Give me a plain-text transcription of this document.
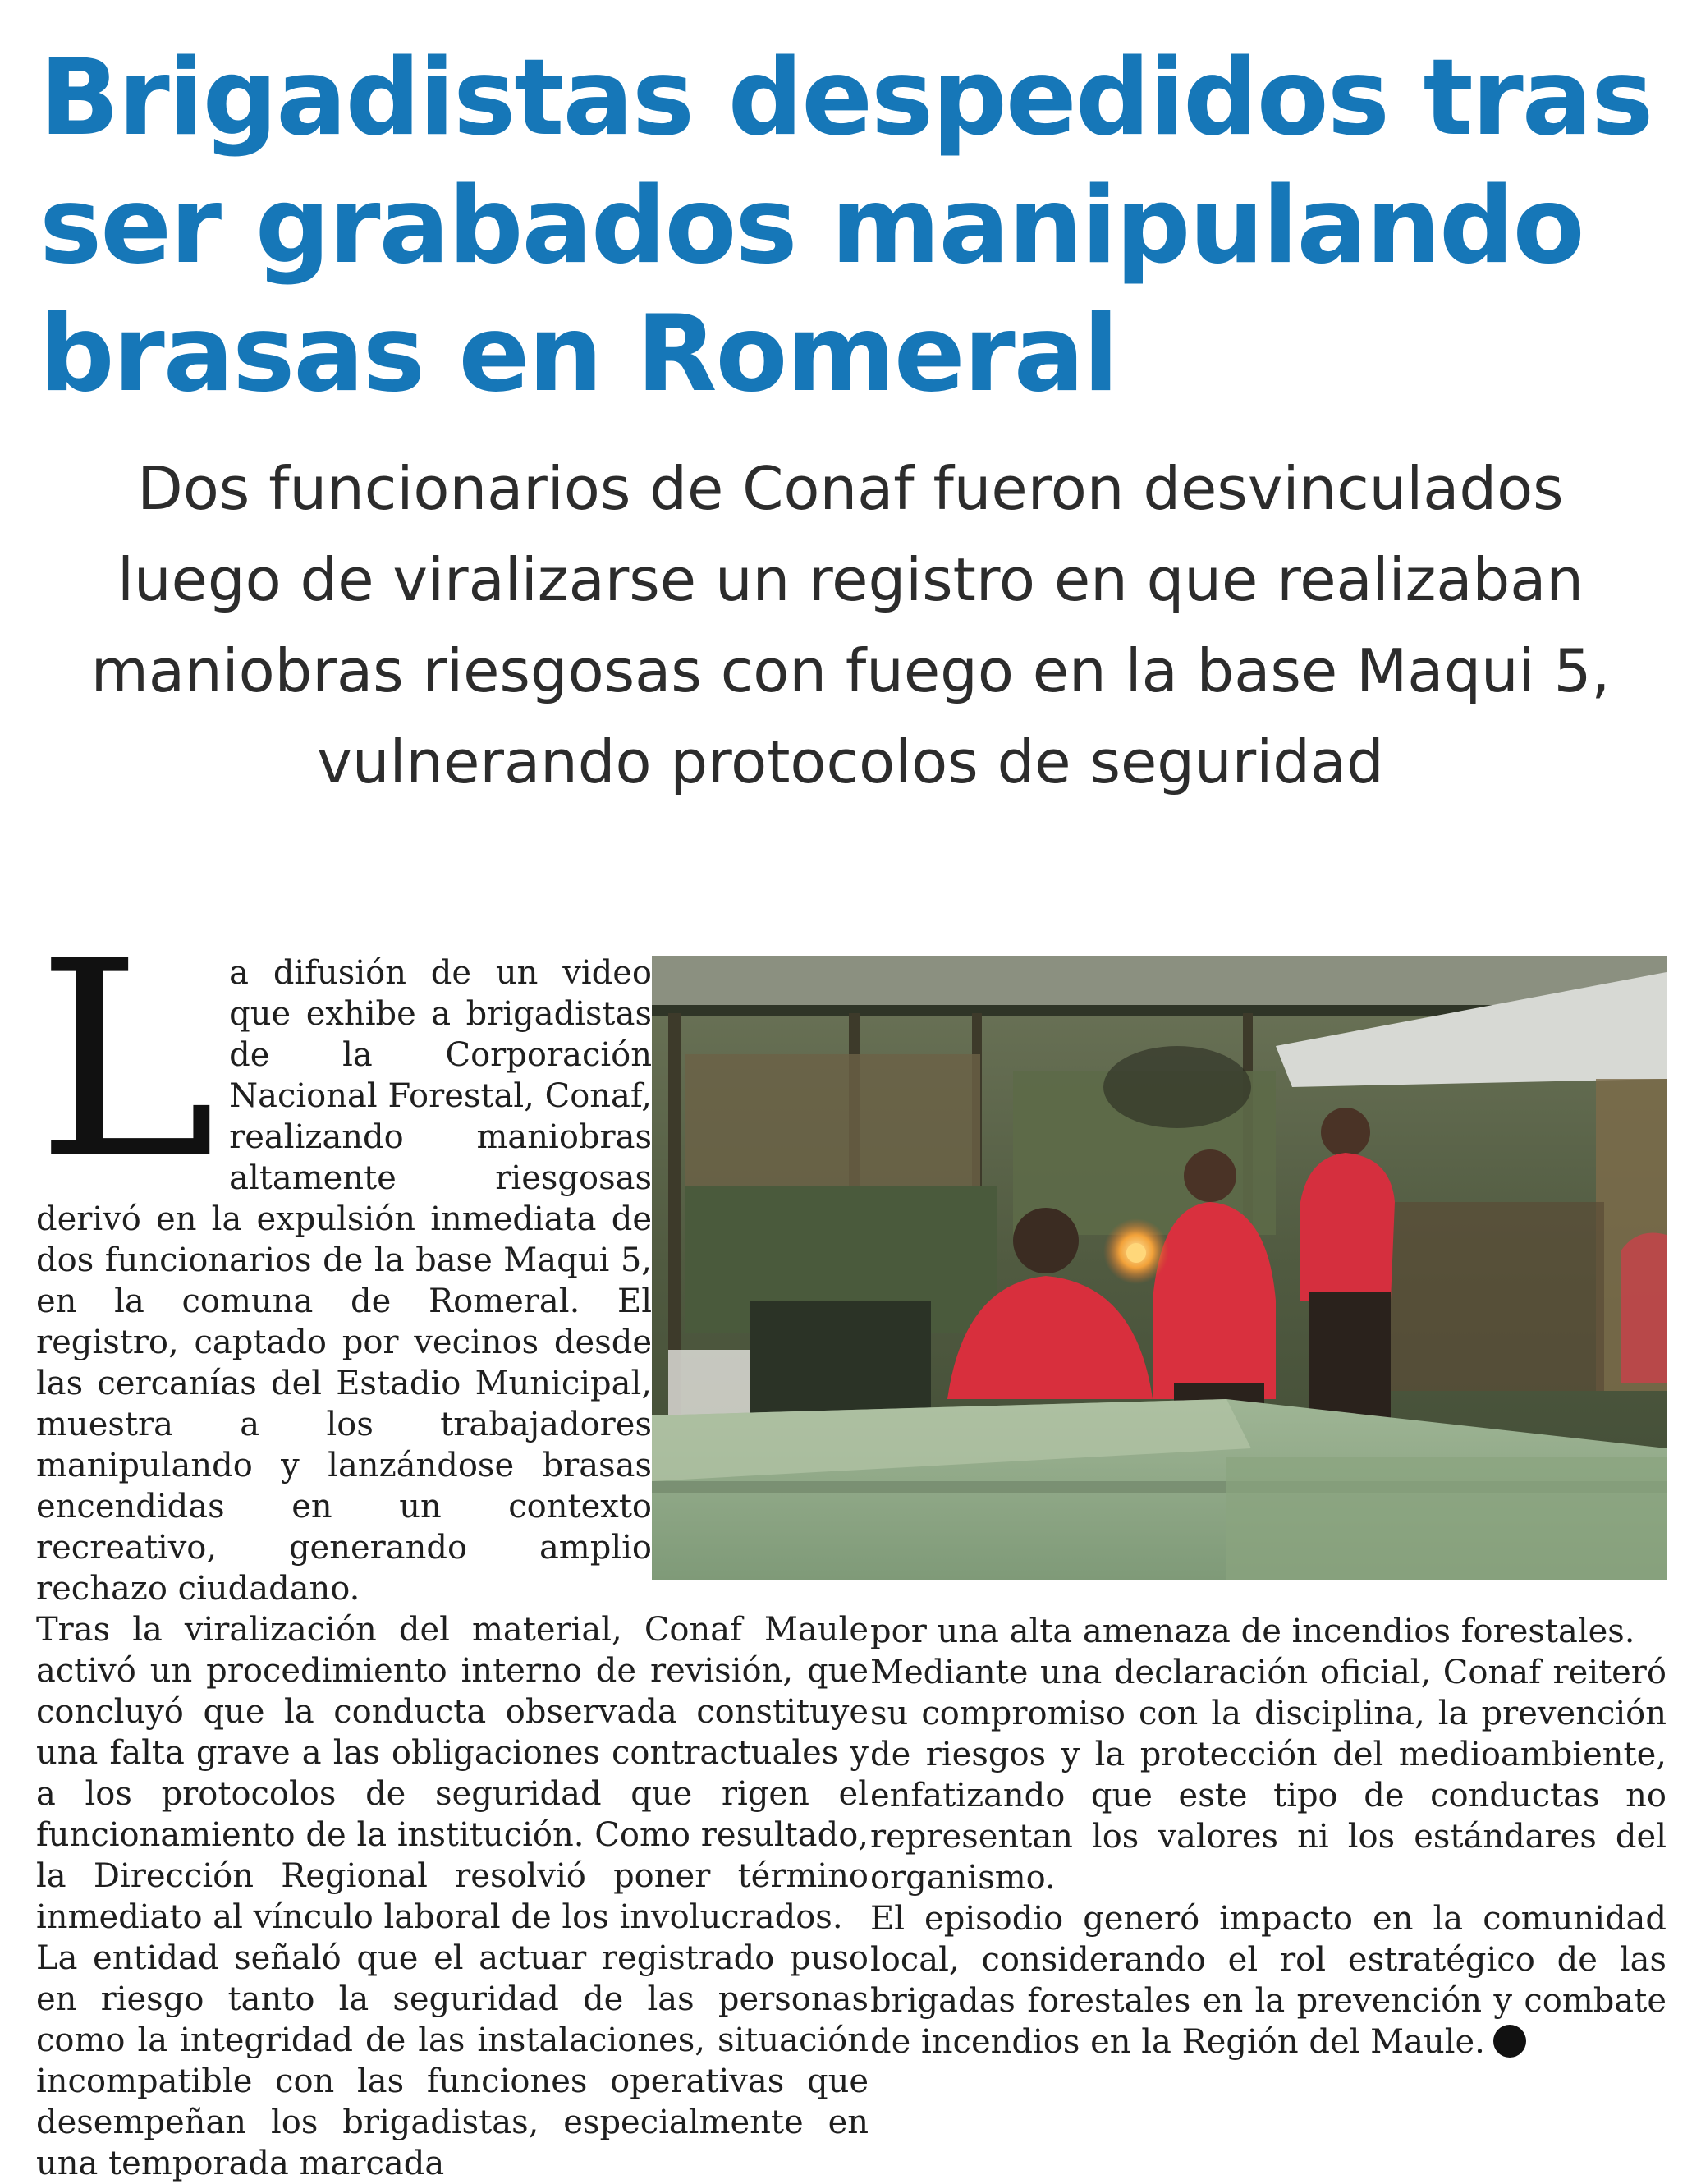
Brigadistas despedidos tras ser grabados manipulando brasas en Romeral

Dos funcionarios de Conaf fueron desvinculados luego de viralizarse un registro en que realizaban maniobras riesgosas con fuego en la base Maqui 5, vulnerando protocolos de seguridad

L a difusión de un video que exhibe a brigadistas de la Corporación Nacional Forestal, Conaf, realizando maniobras altamente riesgosas derivó en la expulsión inmediata de dos funcionarios de la base Maqui 5, en la comuna de Romeral. El registro, captado por vecinos desde las cercanías del Estadio Municipal, muestra a los trabajadores manipulando y lanzándose brasas encendidas en un contexto recreativo, generando amplio rechazo ciudadano.

Tras la viralización del material, Conaf Maule activó un procedimiento interno de revisión, que concluyó que la conducta observada constituye una falta grave a las obligaciones contractuales y a los protocolos de seguridad que rigen el funcionamiento de la institución. Como resultado, la Dirección Regional resolvió poner término inmediato al vínculo laboral de los involucrados.

La entidad señaló que el actuar registrado puso en riesgo tanto la seguridad de las personas como la integridad de las instalaciones, situación incompatible con las funciones operativas que desempeñan los brigadistas, especialmente en una temporada marcada

por una alta amenaza de incendios forestales.

Mediante una declaración oficial, Conaf reiteró su compromiso con la disciplina, la prevención de riesgos y la protección del medioambiente, enfatizando que este tipo de conductas no representan los valores ni los estándares del organismo.

El episodio generó impacto en la comunidad local, considerando el rol estratégico de las brigadas forestales en la prevención y combate de incendios en la Región del Maule.
